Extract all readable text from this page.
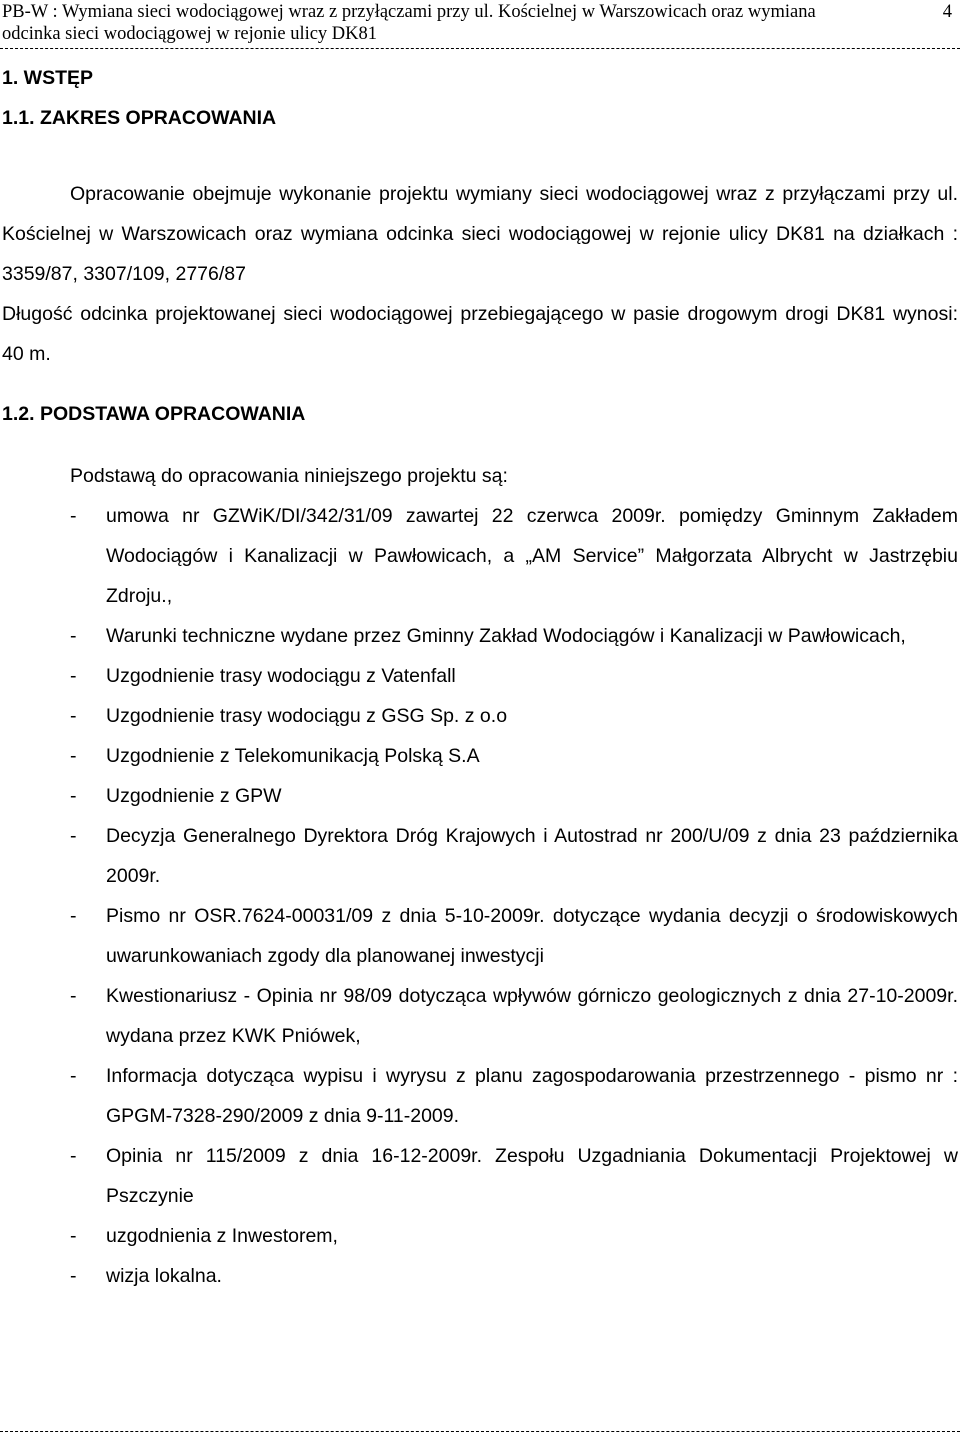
PB-W : Wymiana sieci wodociągowej wraz z przyłączami przy ul. Kościelnej w Warszowicach oraz wymiana
odcinka sieci wodociągowej w rejonie ulicy DK81
4
1. WSTĘP
1.1. ZAKRES OPRACOWANIA

Opracowanie obejmuje wykonanie projektu wymiany sieci wodociągowej wraz z przyłączami przy ul. Kościelnej w Warszowicach oraz wymiana odcinka sieci wodociągowej w rejonie ulicy DK81 na działkach : 3359/87, 3307/109, 2776/87

Długość odcinka projektowanej sieci wodociągowej przebiegającego w pasie drogowym drogi DK81 wynosi: 40 m.

1.2. PODSTAWA OPRACOWANIA

Podstawą do opracowania niniejszego projektu są:

- umowa nr GZWiK/DI/342/31/09 zawartej 22 czerwca 2009r. pomiędzy Gminnym Zakładem Wodociągów i Kanalizacji w Pawłowicach, a „AM Service” Małgorzata Albrycht w Jastrzębiu Zdroju.,
- Warunki techniczne wydane przez Gminny Zakład Wodociągów i Kanalizacji w Pawłowicach,
- Uzgodnienie trasy wodociągu z Vatenfall
- Uzgodnienie trasy wodociągu z GSG Sp. z o.o
- Uzgodnienie z Telekomunikacją Polską S.A
- Uzgodnienie z GPW
- Decyzja Generalnego Dyrektora Dróg Krajowych i Autostrad nr 200/U/09 z dnia 23 października 2009r.
- Pismo nr OSR.7624-00031/09 z dnia 5-10-2009r. dotyczące wydania decyzji o środowiskowych uwarunkowaniach zgody dla planowanej inwestycji
- Kwestionariusz - Opinia nr 98/09 dotycząca wpływów górniczo geologicznych z dnia 27-10-2009r. wydana przez KWK Pniówek,
- Informacja dotycząca wypisu i wyrysu z planu zagospodarowania przestrzennego - pismo nr : GPGM-7328-290/2009 z dnia 9-11-2009.
- Opinia nr 115/2009 z dnia 16-12-2009r. Zespołu Uzgadniania Dokumentacji Projektowej w Pszczynie
- uzgodnienia z Inwestorem,
- wizja lokalna.
